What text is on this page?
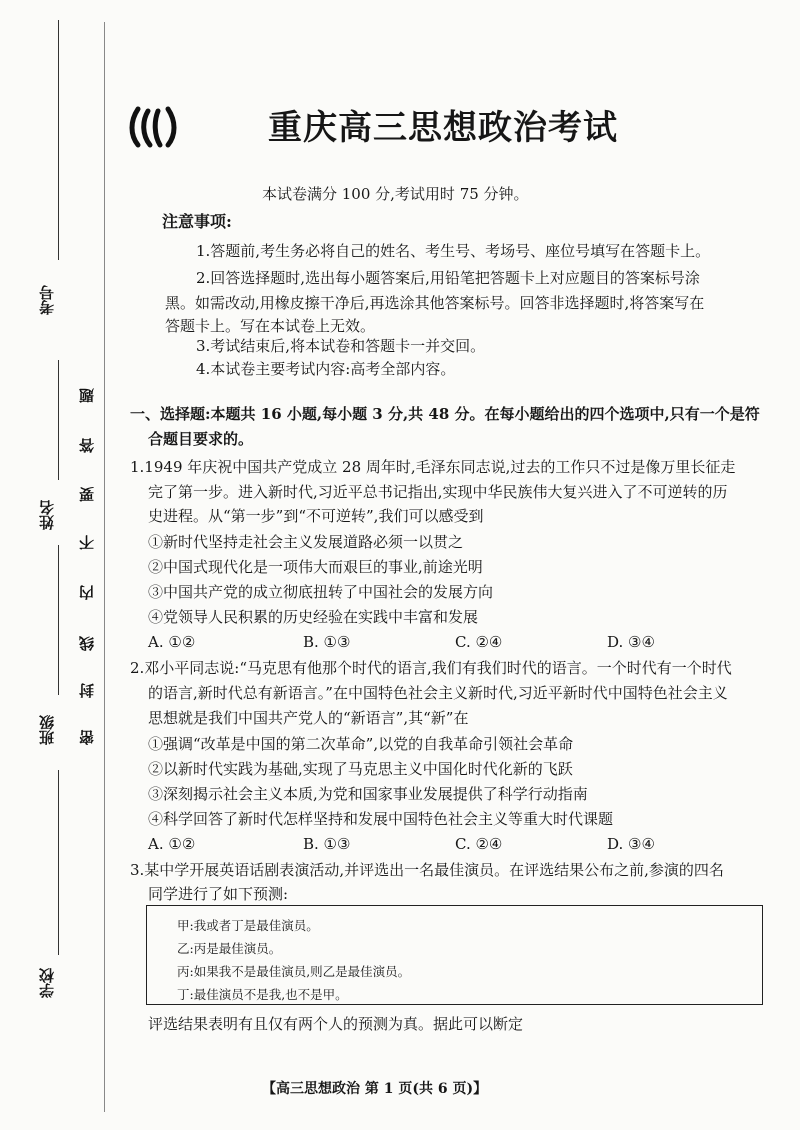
考号
姓名
班级
学校
密
封
线
内
不
要
答
题
重庆高三思想政治考试
本试卷满分 100 分,考试用时 75 分钟。
注意事项:
1.答题前,考生务必将自己的姓名、考生号、考场号、座位号填写在答题卡上。
2.回答选择题时,选出每小题答案后,用铅笔把答题卡上对应题目的答案标号涂
黑。如需改动,用橡皮擦干净后,再选涂其他答案标号。回答非选择题时,将答案写在
答题卡上。写在本试卷上无效。
3.考试结束后,将本试卷和答题卡一并交回。
4.本试卷主要考试内容:高考全部内容。
一、选择题:本题共 16 小题,每小题 3 分,共 48 分。在每小题给出的四个选项中,只有一个是符
合题目要求的。
1.1949 年庆祝中国共产党成立 28 周年时,毛泽东同志说,过去的工作只不过是像万里长征走
完了第一步。进入新时代,习近平总书记指出,实现中华民族伟大复兴进入了不可逆转的历
史进程。从“第一步”到“不可逆转”,我们可以感受到
①新时代坚持走社会主义发展道路必须一以贯之
②中国式现代化是一项伟大而艰巨的事业,前途光明
③中国共产党的成立彻底扭转了中国社会的发展方向
④党领导人民积累的历史经验在实践中丰富和发展
A. ①②	B. ①③	C. ②④	D. ③④
2.邓小平同志说:“马克思有他那个时代的语言,我们有我们时代的语言。一个时代有一个时代
的语言,新时代总有新语言。”在中国特色社会主义新时代,习近平新时代中国特色社会主义
思想就是我们中国共产党人的“新语言”,其“新”在
①强调“改革是中国的第二次革命”,以党的自我革命引领社会革命
②以新时代实践为基础,实现了马克思主义中国化时代化新的飞跃
③深刻揭示社会主义本质,为党和国家事业发展提供了科学行动指南
④科学回答了新时代怎样坚持和发展中国特色社会主义等重大时代课题
A. ①②	B. ①③	C. ②④	D. ③④
3.某中学开展英语话剧表演活动,并评选出一名最佳演员。在评选结果公布之前,参演的四名
同学进行了如下预测:
甲:我或者丁是最佳演员。
乙:丙是最佳演员。
丙:如果我不是最佳演员,则乙是最佳演员。
丁:最佳演员不是我,也不是甲。
评选结果表明有且仅有两个人的预测为真。据此可以断定
【高三思想政治 第 1 页(共 6 页)】
